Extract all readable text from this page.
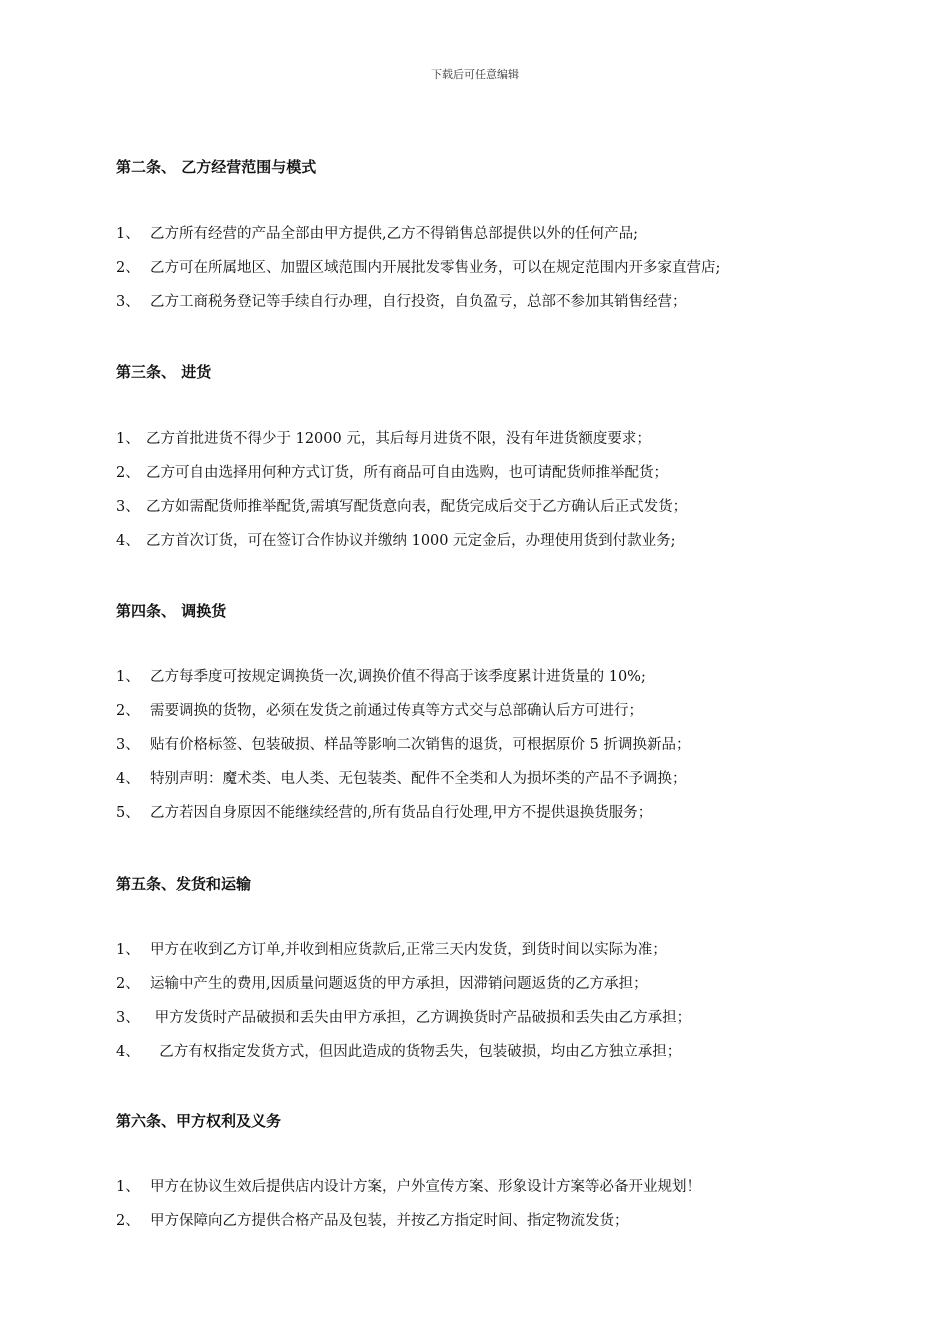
下载后可任意编辑
第二条、 乙方经营范围与模式
1、 乙方所有经营的产品全部由甲方提供,乙方不得销售总部提供以外的任何产品;
2、 乙方可在所属地区、加盟区域范围内开展批发零售业务，可以在规定范围内开多家直营店;
3、 乙方工商税务登记等手续自行办理，自行投资，自负盈亏，总部不参加其销售经营；
第三条、 进货
1、 乙方首批进货不得少于 12000 元，其后每月进货不限，没有年进货额度要求；
2、 乙方可自由选择用何种方式订货，所有商品可自由选购，也可请配货师推举配货；
3、 乙方如需配货师推举配货,需填写配货意向表，配货完成后交于乙方确认后正式发货；
4、 乙方首次订货，可在签订合作协议并缴纳 1000 元定金后，办理使用货到付款业务;
第四条、 调换货
1、 乙方每季度可按规定调换货一次,调换价值不得高于该季度累计进货量的 10%;
2、 需要调换的货物，必须在发货之前通过传真等方式交与总部确认后方可进行；
3、 贴有价格标签、包装破损、样品等影响二次销售的退货，可根据原价 5 折调换新品；
4、 特别声明：魔术类、电人类、无包装类、配件不全类和人为损坏类的产品不予调换；
5、 乙方若因自身原因不能继续经营的,所有货品自行处理,甲方不提供退换货服务；
第五条、发货和运输
1、 甲方在收到乙方订单,并收到相应货款后,正常三天内发货，到货时间以实际为准；
2、 运输中产生的费用,因质量问题返货的甲方承担，因滞销问题返货的乙方承担；
3、 甲方发货时产品破损和丢失由甲方承担，乙方调换货时产品破损和丢失由乙方承担；
4、  乙方有权指定发货方式，但因此造成的货物丢失，包装破损，均由乙方独立承担；
第六条、甲方权利及义务
1、 甲方在协议生效后提供店内设计方案，户外宣传方案、形象设计方案等必备开业规划！
2、 甲方保障向乙方提供合格产品及包装，并按乙方指定时间、指定物流发货；
